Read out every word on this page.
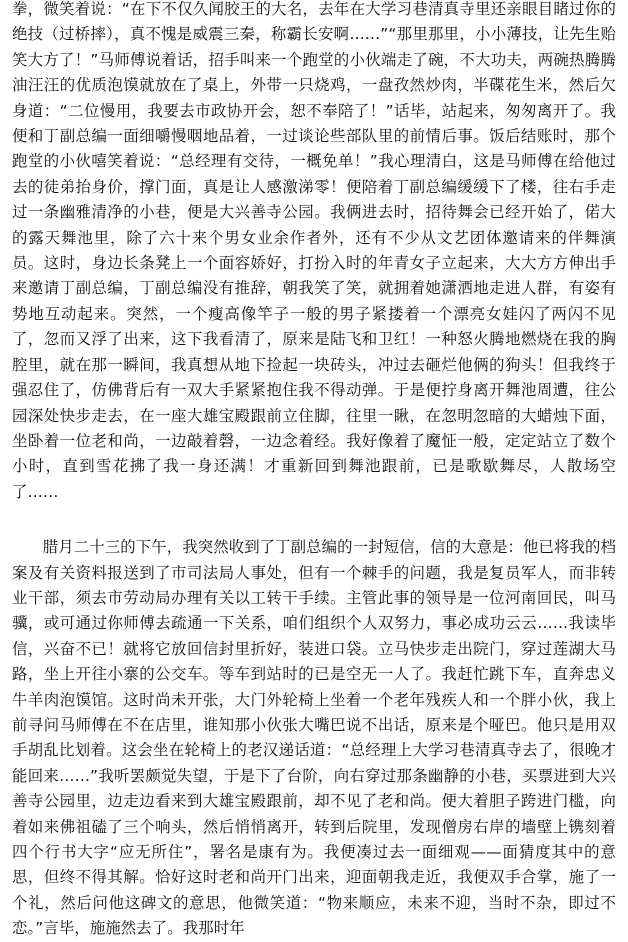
拳，微笑着说：“在下不仅久闻胶王的大名，去年在大学习巷清真寺里还亲眼目睹过你的绝技（过桥摔），真不愧是威震三秦，称霸长安啊……”“那里那里，小小薄技，让先生贻笑大方了！”马师傅说着话，招手叫来一个跑堂的小伙端走了碗，不大功夫，两碗热腾腾油汪汪的优质泡馍就放在了桌上，外带一只烧鸡，一盘孜然炒肉，半碟花生米，然后欠身道：“二位慢用，我要去市政协开会，恕不奉陪了！”话毕，站起来，匆匆离开了。我便和丁副总编一面细嚼慢咽地品着，一过谈论些部队里的前情后事。饭后结账时，那个跑堂的小伙嘻笑着说：“总经理有交待，一概免单！”我心理清白，这是马师傅在给他过去的徒弟抬身价，撑门面，真是让人感激涕零！便陪着丁副总编缓缓下了楼，往右手走过一条幽雅清净的小巷，便是大兴善寺公园。我俩进去时，招待舞会已经开始了，偌大的露天舞池里，除了六十来个男女业余作者外，还有不少从文艺团体邀请来的伴舞演员。这时，身边长条凳上一个面容娇好，打扮入时的年青女子立起来，大大方方伸出手来邀请丁副总编，丁副总编没有推辞，朝我笑了笑，就拥着她潇洒地走进人群，有姿有势地互动起来。突然，一个瘦高像竿子一般的男子紧搂着一个漂亮女娃闪了两闪不见了，忽而又浮了出来，这下我看清了，原来是陆飞和卫红！一种怒火腾地燃烧在我的胸腔里，就在那一瞬间，我真想从地下捡起一块砖头，冲过去砸烂他俩的狗头！但我终于强忍住了，仿佛背后有一双大手紧紧抱住我不得动弹。于是便拧身离开舞池周遭，往公园深处快步走去，在一座大雄宝殿跟前立住脚，往里一瞅，在忽明忽暗的大蜡烛下面，坐卧着一位老和尚，一边敲着磬，一边念着经。我好像着了魔怔一般，定定站立了数个小时，直到雪花拂了我一身还满！才重新回到舞池跟前，已是歌歇舞尽，人散场空了……

腊月二十三的下午，我突然收到了丁副总编的一封短信，信的大意是：他已将我的档案及有关资料报送到了市司法局人事处，但有一个棘手的问题，我是复员军人，而非转业干部，须去市劳动局办理有关以工转干手续。主管此事的领导是一位河南回民，叫马骥，或可通过你师傅去疏通一下关系，咱们组织个人双努力，事必成功云云……我读毕信，兴奋不已！就将它放回信封里折好，装进口袋。立马快步走出院门，穿过莲湖大马路，坐上开往小寨的公交车。等车到站时的已是空无一人了。我赶忙跳下车，直奔忠义牛羊肉泡馍馆。这时尚未开张，大门外轮椅上坐着一个老年残疾人和一个胖小伙，我上前寻问马师傅在不在店里，谁知那小伙张大嘴巴说不出话，原来是个哑巴。他只是用双手胡乱比划着。这会坐在轮椅上的老汉递话道：“总经理上大学习巷清真寺去了，很晚才能回来……”我听罢颇觉失望，于是下了台阶，向右穿过那条幽静的小巷，买票进到大兴善寺公园里，边走边看来到大雄宝殿跟前，却不见了老和尚。便大着胆子跨进门槛，向着如来佛祖磕了三个响头，然后悄悄离开，转到后院里，发现僧房右岸的墙壁上镌刻着四个行书大字“应无所住”，署名是康有为。我便凑过去一面细观——面猜度其中的意思，但终不得其解。恰好这时老和尚开门出来，迎面朝我走近，我便双手合掌，施了一个礼，然后问他这碑文的意思，他微笑道：“物来顺应，未来不迎，当时不杂，即过不恋。”言毕，施施然去了。我那时年
